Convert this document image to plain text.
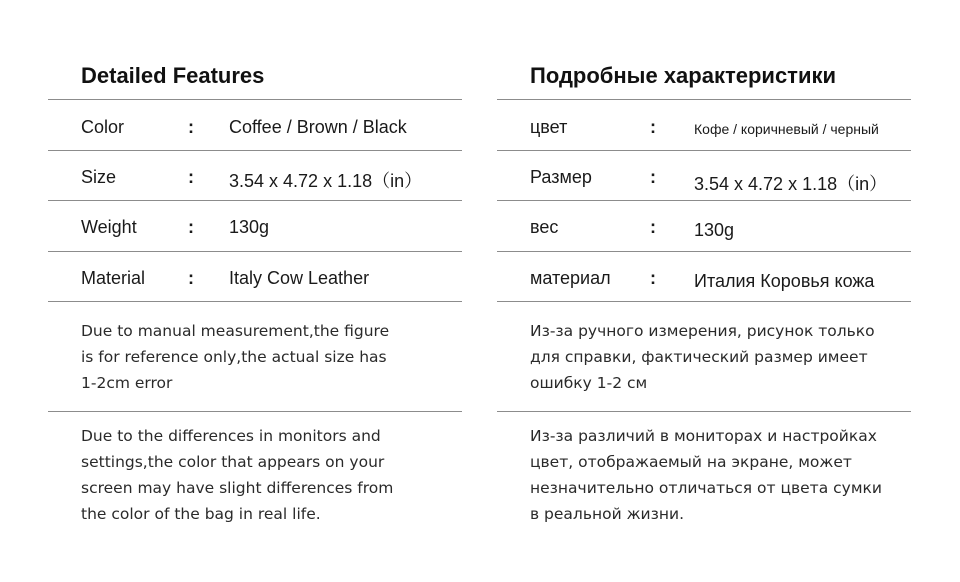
Detailed Features
Color	: Coffee / Brown / Black
Size	: 3.54 x 4.72 x 1.18（in）
Weight	: 130g
Material : Italy Cow Leather
Due to manual measurement,the figure
is for reference only,the actual size has
1-2cm error
Due to the differences in monitors and
settings,the color that appears on your
screen may have slight differences from
the color of the bag in real life.
Подробные характеристики
цвет	:	Кофе / коричневый / черный
Размер	: 3.54 x 4.72 x 1.18（in）
вес	: 130g
материал : Италия Коровья кожа
Из-за ручного измерения, рисунок только
для справки, фактический размер имеет
ошибку 1-2 см
Из-за различий в мониторах и настройках
цвет, отображаемый на экране, может
незначительно отличаться от цвета сумки
в реальной жизни.
